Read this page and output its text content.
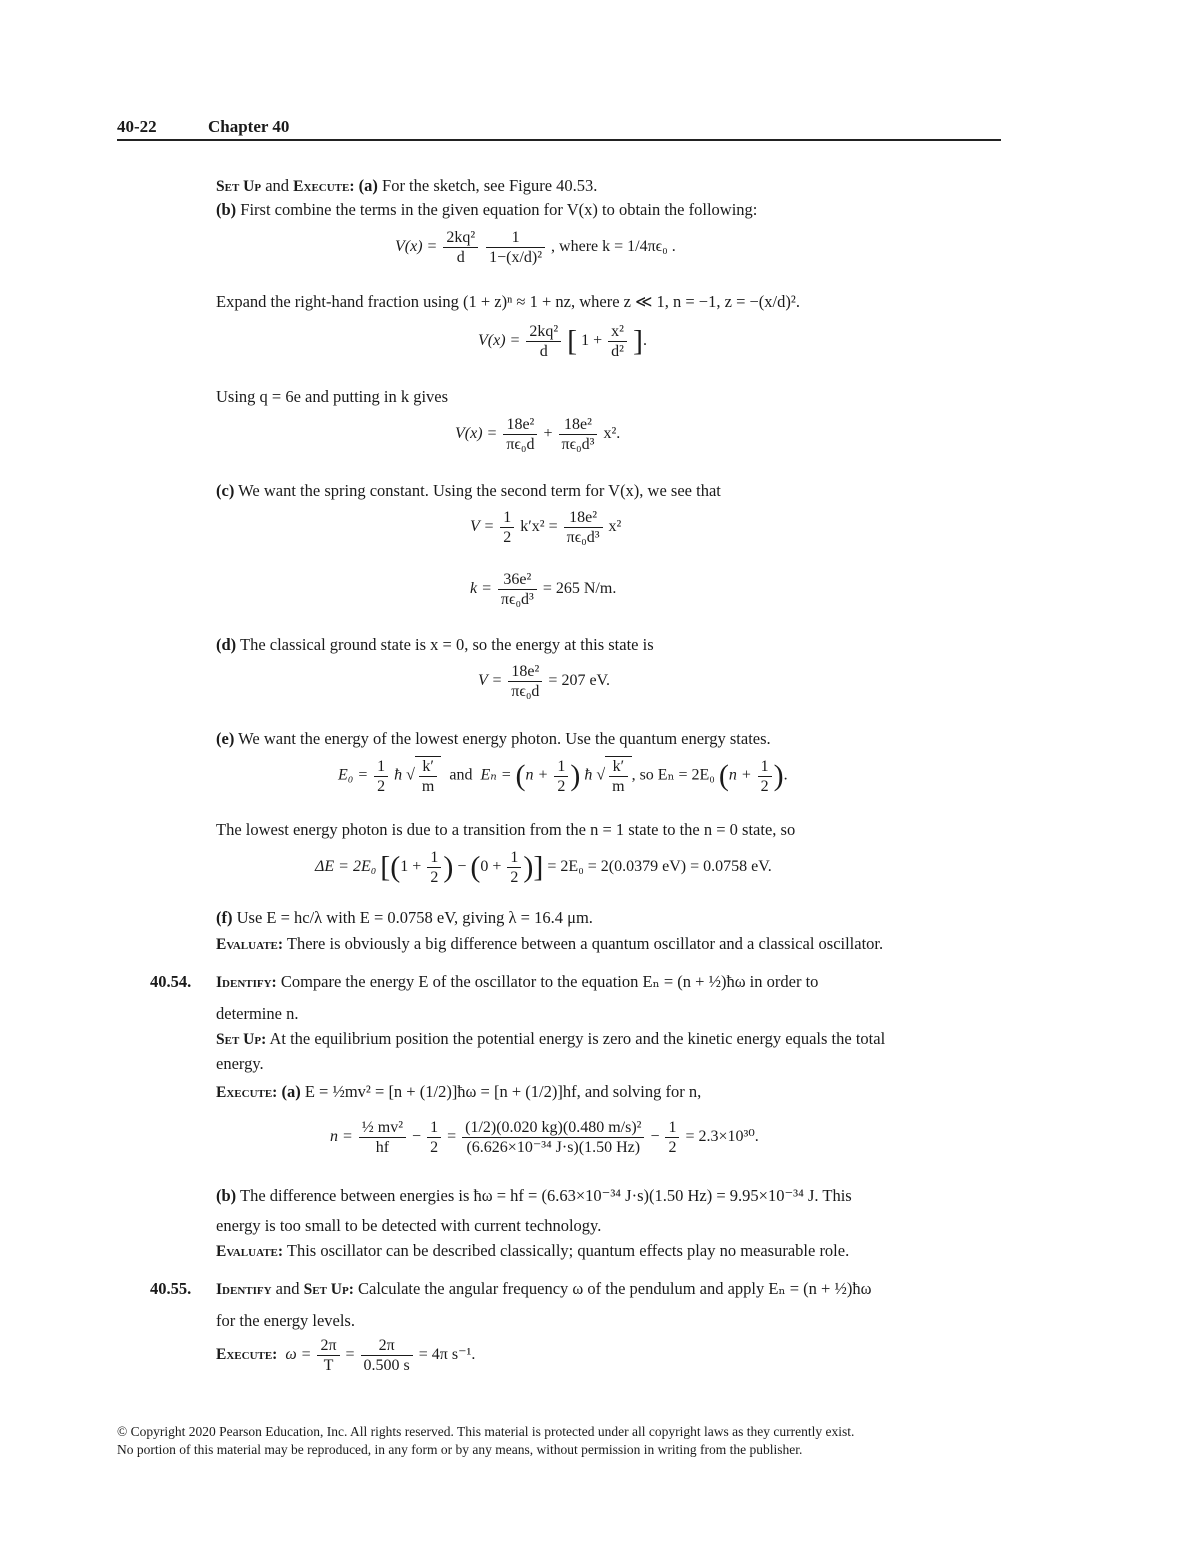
40-22	Chapter 40
Set Up and Execute: (a) For the sketch, see Figure 40.53.
(b) First combine the terms in the given equation for V(x) to obtain the following:
$V(x) = \frac{\text{2kq²}}{d}$
$\frac{1}{\text{1−(x/d)²}}$ , where k = 1/4πϵ₀ .
Expand the right-hand fraction using (1 + z)ⁿ ≈ 1 + nz, where z ≪ 1, n = −1, z = −(x/d)².
$V(x) = \frac{\text{2kq²}}{d}$ [ $1 + \frac{\text{x²}}{\text{d²}}$ ].
Using q = 6e and putting in k gives
$V(x) = \frac{\text{18e²}}{\text{πϵ₀d}} + \frac{\text{18e²}}{\text{πϵ₀d³}} x^2$.
(c) We want the spring constant. Using the second term for V(x), we see that
$V = \frac{1}{2} k'x^2 = \frac{\text{18e²}}{\text{πϵ₀d³}} x^2$
$k = \frac{\text{36e²}}{\text{πϵ₀d³}} = 265$ N/m.
(d) The classical ground state is x = 0, so the energy at this state is
$V = \frac{\text{18e²}}{\text{πϵ₀d}} = 207$ eV.
(e) We want the energy of the lowest energy photon. Use the quantum energy states.
$E_0 = \frac{1}{2}$ ħ √ $\frac{k'}{m}$ and $E_n = (n + \frac{1}{2}$ ) ħ √ $\frac{k'}{m}$ , so Eₙ = 2E₀ ($n + \frac{1}{2}$ ).
The lowest energy photon is due to a transition from the n = 1 state to the n = 0 state, so
ΔE = 2E₀ [($1 + \frac{1}{2}$ ) − ($0 + \frac{1}{2}$ )] = 2E₀ = 2(0.0379 eV) = 0.0758 eV.
(f) Use E = hc/λ with E = 0.0758 eV, giving λ = 16.4 μm.
Evaluate: There is obviously a big difference between a quantum oscillator and a classical oscillator.
40.54. Identify: Compare the energy E of the oscillator to the equation Eₙ = (n + ½)ħω in order to
determine n.
Set Up: At the equilibrium position the potential energy is zero and the kinetic energy equals the total
energy.
Execute: (a) E = ½mv² = [n + (1/2)]ħω = [n + (1/2)]hf, and solving for n,
$n = \frac{\text{½ mv²}}{hf} - \frac{1}{2} = \frac{\text{(1/2)(0.020 kg)(0.480 m/s)²}}{\text{(6.626×10⁻³⁴ J·s)(1.50 Hz)}} - \frac{1}{2} = 2.3\times 10^{30}$.
(b) The difference between energies is ħω = hf = (6.63×10⁻³⁴ J·s)(1.50 Hz) = 9.95×10⁻³⁴ J. This
energy is too small to be detected with current technology.
Evaluate: This oscillator can be described classically; quantum effects play no measurable role.
40.55. Identify and Set Up: Calculate the angular frequency ω of the pendulum and apply Eₙ = (n + ½)ħω
for the energy levels.
Execute: $\omega = \frac{2\pi}{T} = \frac{2\pi}{0.500 s} = 4\pi$ s⁻¹.
© Copyright 2020 Pearson Education, Inc. All rights reserved. This material is protected under all copyright laws as they currently exist.
No portion of this material may be reproduced, in any form or by any means, without permission in writing from the publisher.
